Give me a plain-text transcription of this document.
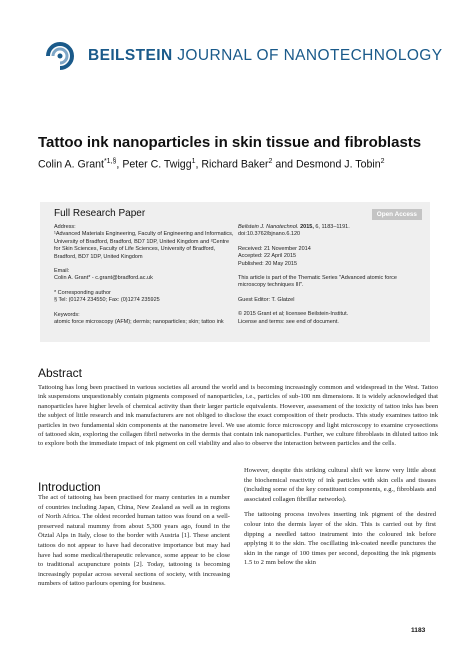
BEILSTEIN JOURNAL OF NANOTECHNOLOGY
Tattoo ink nanoparticles in skin tissue and fibroblasts
Colin A. Grant$^{*1,\S}$, Peter C. Twigg$^1$, Richard Baker$^2$ and Desmond J. Tobin$^2$
Full Research Paper	Open Access

Address:
¹Advanced Materials Engineering, Faculty of Engineering and Informatics, University of Bradford, Bradford, BD7 1DP, United Kingdom and ²Centre for Skin Sciences, Faculty of Life Sciences, University of Bradford, Bradford, BD7 1DP, United Kingdom

Email:
Colin A. Grant* - c.grant@bradford.ac.uk

* Corresponding author
§ Tel: (01274 234550; Fax: (0)1274 235925

Keywords:
atomic force microscopy (AFM); dermis; nanoparticles; skin; tattoo ink

Beilstein J. Nanotechnol. 2015, 6, 1183–1191.
doi:10.3762/bjnano.6.120

Received: 21 November 2014
Accepted: 22 April 2015
Published: 20 May 2015

This article is part of the Thematic Series "Advanced atomic force microscopy techniques III".

Guest Editor: T. Glatzel

© 2015 Grant et al; licensee Beilstein-Institut.
License and terms: see end of document.

Abstract
Tattooing has long been practised in various societies all around the world and is becoming increasingly common and widespread in the West. Tattoo ink suspensions unquestionably contain pigments composed of nanoparticles, i.e., particles of sub-100 nm dimensions. It is widely acknowledged that nanoparticles have higher levels of chemical activity than their larger particle equivalents. However, assessment of the toxicity of tattoo inks has been the subject of little research and ink manufacturers are not obliged to disclose the exact composition of their products. This study examines tattoo ink particles in two fundamental skin components at the nanometre level. We use atomic force microscopy and light microscopy to examine cryosections of tattooed skin, exploring the collagen fibril networks in the dermis that contain ink nanoparticles. Further, we culture fibroblasts in diluted tattoo ink to explore both the immediate impact of ink pigment on cell viability and also to observe the interaction between particles and the cells.
Introduction
The act of tattooing has been practised for many centuries in a number of countries including Japan, China, New Zealand as well as in regions of North Africa. The oldest recorded human tattoo was found on a well-preserved natural mummy from about 5,300 years ago, found in the Ötztal Alps in Italy, close to the border with Austria [1]. These ancient tattoos do not appear to have had decorative importance but may had have had some medical/therapeutic relevance, some appear to be close to traditional acupuncture points [2]. Today, tattooing is becoming increasingly popular across several sections of society, with increasing numbers of tattoo parlours opening for business.

However, despite this striking cultural shift we know very little about the biochemical reactivity of ink particles with skin cells and tissues (including some of the key constituent components, e.g., fibroblasts and associated collagen fibrillar networks).

The tattooing process involves inserting ink pigment of the desired colour into the dermis layer of the skin. This is carried out by first dipping a needled tattoo instrument into the coloured ink before applying it to the skin. The oscillating ink-coated needle punctures the skin in the range of 100 times per second, depositing the ink pigments 1.5 to 2 mm below the skin

1183
